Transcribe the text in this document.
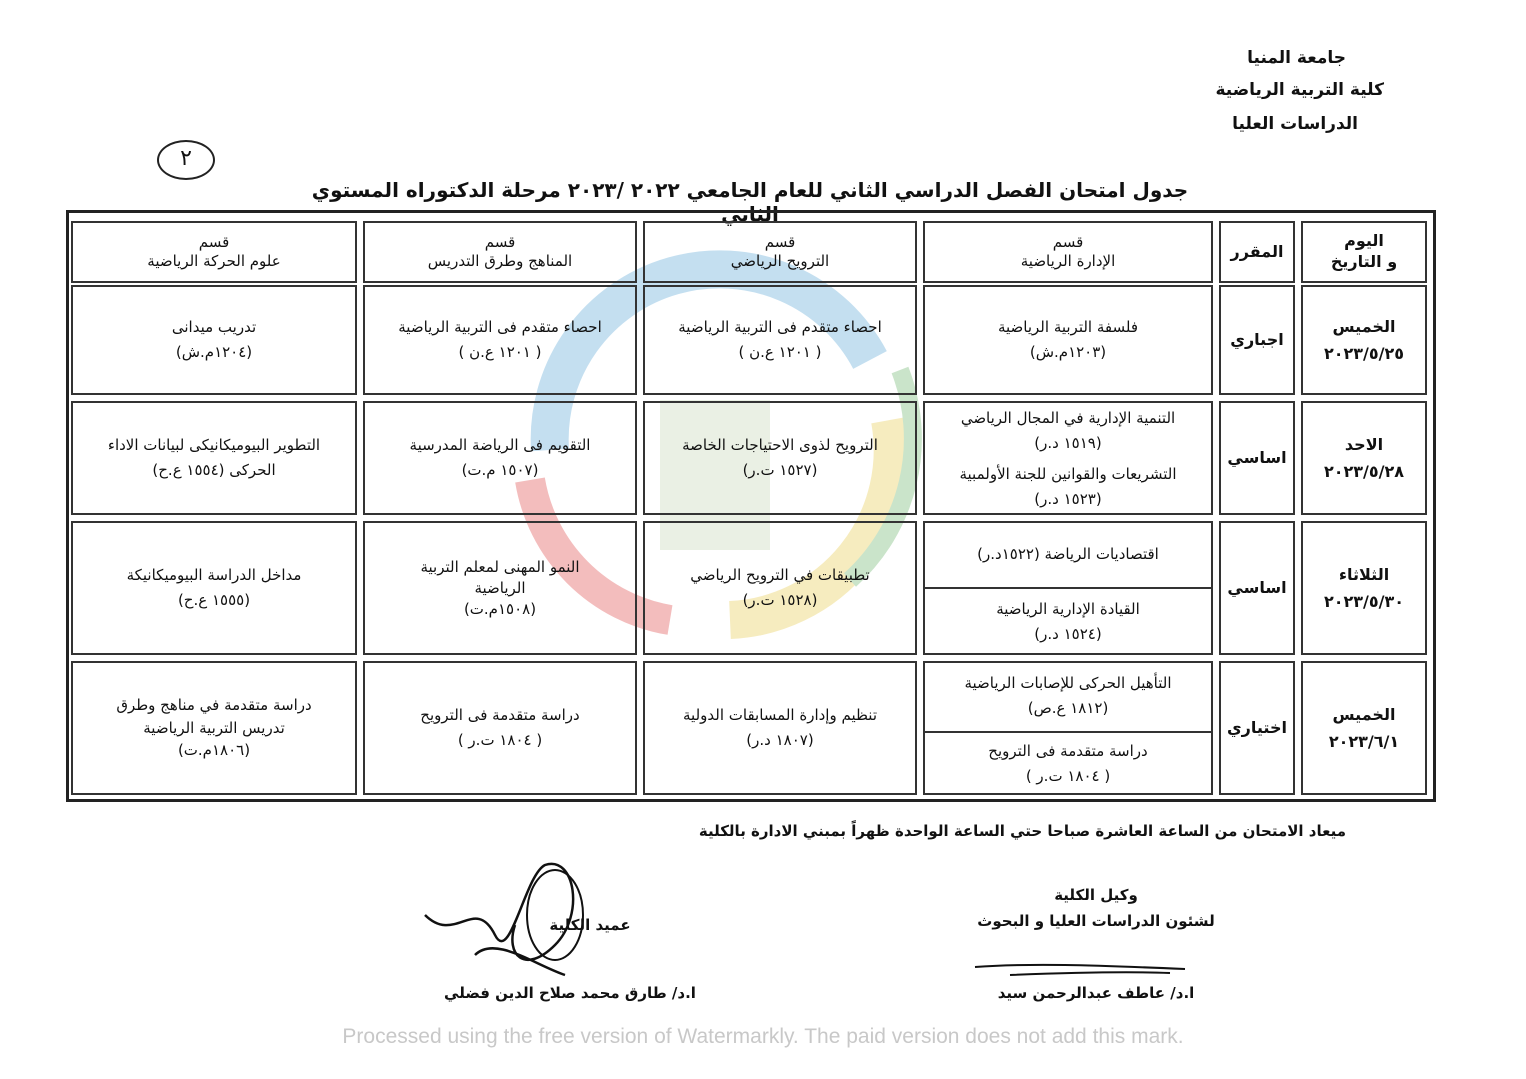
جامعة المنيا
كلية التربية الرياضية
الدراسات العليا
٢
جدول امتحان الفصل الدراسي الثاني للعام الجامعي ٢٠٢٢ /٢٠٢٣ مرحلة الدكتوراه المستوي الثاني
اليوم
و التاريخ
المقرر
قسم
الإدارة الرياضية
قسم
الترويح الرياضي
قسم
المناهج وطرق التدريس
قسم
علوم الحركة الرياضية
الخميس
٢٠٢٣/٥/٢٥
اجباري
فلسفة التربية الرياضية
(١٢٠٣م.ش)
احصاء متقدم فى التربية الرياضية
( ١٢٠١ ع.ن )
احصاء متقدم فى التربية الرياضية
( ١٢٠١ ع.ن )
تدريب ميدانى
(١٢٠٤م.ش)
الاحد
٢٠٢٣/٥/٢٨
اساسي
التنمية الإدارية في المجال الرياضي
(١٥١٩ د.ر)
التشريعات والقوانين للجنة الأولمبية
(١٥٢٣ د.ر)
الترويح لذوى الاحتياجات الخاصة
(١٥٢٧ ت.ر)
التقويم فى الرياضة المدرسية
(١٥٠٧ م.ت)
التطوير البيوميكانيكى لبيانات الاداء
الحركى (١٥٥٤ ع.ح)
الثلاثاء
٢٠٢٣/٥/٣٠
اساسي
اقتصاديات الرياضة (١٥٢٢د.ر)
القيادة الإدارية الرياضية
(١٥٢٤ د.ر)
تطبيقات في الترويح الرياضي
(١٥٢٨ ت.ر)
النمو المهنى لمعلم التربية
الرياضية
(١٥٠٨م.ت)
مداخل الدراسة البيوميكانيكة
(١٥٥٥ ع.ح)
الخميس
٢٠٢٣/٦/١
اختياري
التأهيل الحركى للإصابات الرياضية
(١٨١٢ ع.ص)
دراسة متقدمة فى الترويح
( ١٨٠٤ ت.ر )
تنظيم وإدارة المسابقات الدولية
(١٨٠٧ د.ر)
دراسة متقدمة فى الترويح
( ١٨٠٤ ت.ر )
دراسة متقدمة في مناهج وطرق
تدريس التربية الرياضية
(١٨٠٦م.ت)
ميعاد الامتحان من الساعة العاشرة صباحا حتي الساعة الواحدة ظهراً بمبني الادارة بالكلية
وكيل الكلية
لشئون الدراسات العليا و البحوث
ا.د/ عاطف عبدالرحمن سيد
عميد الكلية
ا.د/ طارق محمد صلاح الدين فضلي
Processed using the free version of Watermarkly. The paid version does not add this mark.
